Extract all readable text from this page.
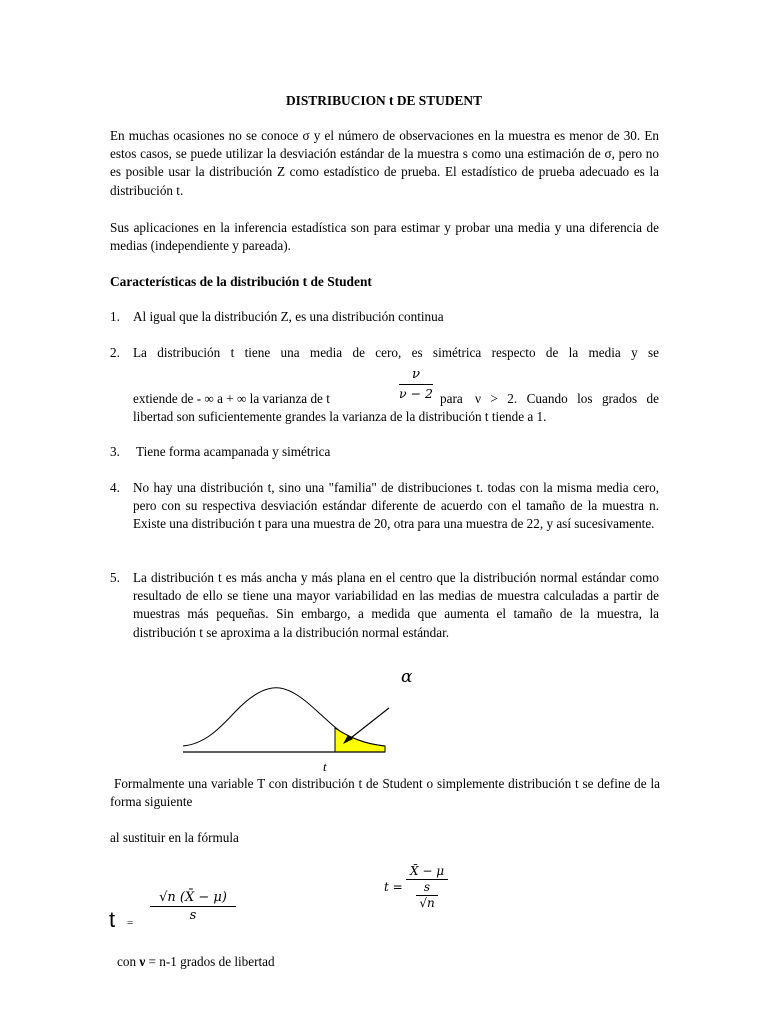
DISTRIBUCION t DE STUDENT
En muchas ocasiones no se conoce σ y el número de observaciones en la muestra es menor de 30. En estos casos, se puede utilizar la desviación estándar de la muestra s como una estimación de σ, pero no es posible usar la distribución Z como estadístico de prueba. El estadístico de prueba adecuado es la distribución t.
Sus aplicaciones en la inferencia estadística son para estimar y probar una media y una diferencia de medias (independiente y pareada).
Características de la distribución t de Student
1. Al igual que la distribución Z, es una distribución continua
2. La distribución t tiene una media de cero, es simétrica respecto de la media y se
extiende de - ∞ a + ∞ la varianza de t	$\frac{\nu}{\nu - 2}$ para ν > 2. Cuando los grados de
libertad son suficientemente grandes la varianza de la distribución t tiende a 1.
3. Tiene forma acampanada y simétrica
4. No hay una distribución t, sino una "familia" de distribuciones t. todas con la misma media cero, pero con su respectiva desviación estándar diferente de acuerdo con el tamaño de la muestra n. Existe una distribución t para una muestra de 20, otra para una muestra de 22, y así sucesivamente.
5. La distribución t es más ancha y más plana en el centro que la distribución normal estándar como resultado de ello se tiene una mayor variabilidad en las medias de muestra calculadas a partir de muestras más pequeñas. Sin embargo, a medida que aumenta el tamaño de la muestra, la distribución t se aproxima a la distribución normal estándar.
α
t
Formalmente una variable T con distribución t de Student o simplemente distribución t se define de la forma siguiente
al sustituir en la fórmula
$t = \frac{√n (X̄ - \mu)}{s}$
t =
X̄ − μ
s
√n
con ν = n-1 grados de libertad
